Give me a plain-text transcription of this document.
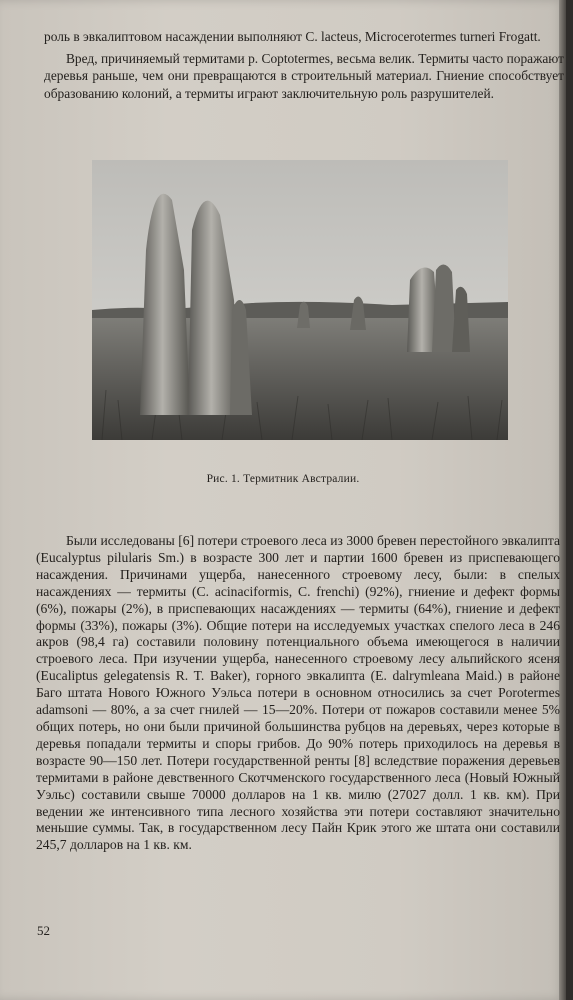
роль в эвкалиптовом насаждении выполняют C. lacteus, Microcerotermes turneri Frogatt.

Вред, причиняемый термитами р. Coptotermes, весьма велик. Термиты часто поражают деревья раньше, чем они превращаются в строительный материал. Гниение способствует образованию колоний, а термиты играют заключительную роль разрушителей.

Рис. 1. Термитник Австралии.

Были исследованы [6] потери строевого леса из 3000 бревен перестойного эвкалипта (Eucalyptus pilularis Sm.) в возрасте 300 лет и партии 1600 бревен из приспевающего насаждения. Причинами ущерба, нанесенного строевому лесу, были: в спелых насаждениях — термиты (C. acinaciformis, C. frenchi) (92%), гниение и дефект формы (6%), пожары (2%), в приспевающих насаждениях — термиты (64%), гниение и дефект формы (33%), пожары (3%). Общие потери на исследуемых участках спелого леса в 246 акров (98,4 га) составили половину потенциального объема имеющегося в наличии строевого леса. При изучении ущерба, нанесенного строевому лесу альпийского ясеня (Eucaliptus gelegatensis R. T. Baker), горного эвкалипта (E. dalrymleana Maid.) в районе Баго штата Нового Южного Уэльса потери в основном относились за счет Porotermes adamsoni — 80%, а за счет гнилей — 15—20%. Потери от пожаров составили менее 5% общих потерь, но они были причиной большинства рубцов на деревьях, через которые в деревья попадали термиты и споры грибов. До 90% потерь приходилось на деревья в возрасте 90—150 лет. Потери государственной ренты [8] вследствие поражения деревьев термитами в районе девственного Скотчменского государственного леса (Новый Южный Уэльс) составили свыше 70000 долларов на 1 кв. милю (27027 долл. 1 кв. км). При ведении же интенсивного типа лесного хозяйства эти потери составляют значительно меньшие суммы. Так, в государственном лесу Пайн Крик этого же штата они составили 245,7 долларов на 1 кв. км.

52
